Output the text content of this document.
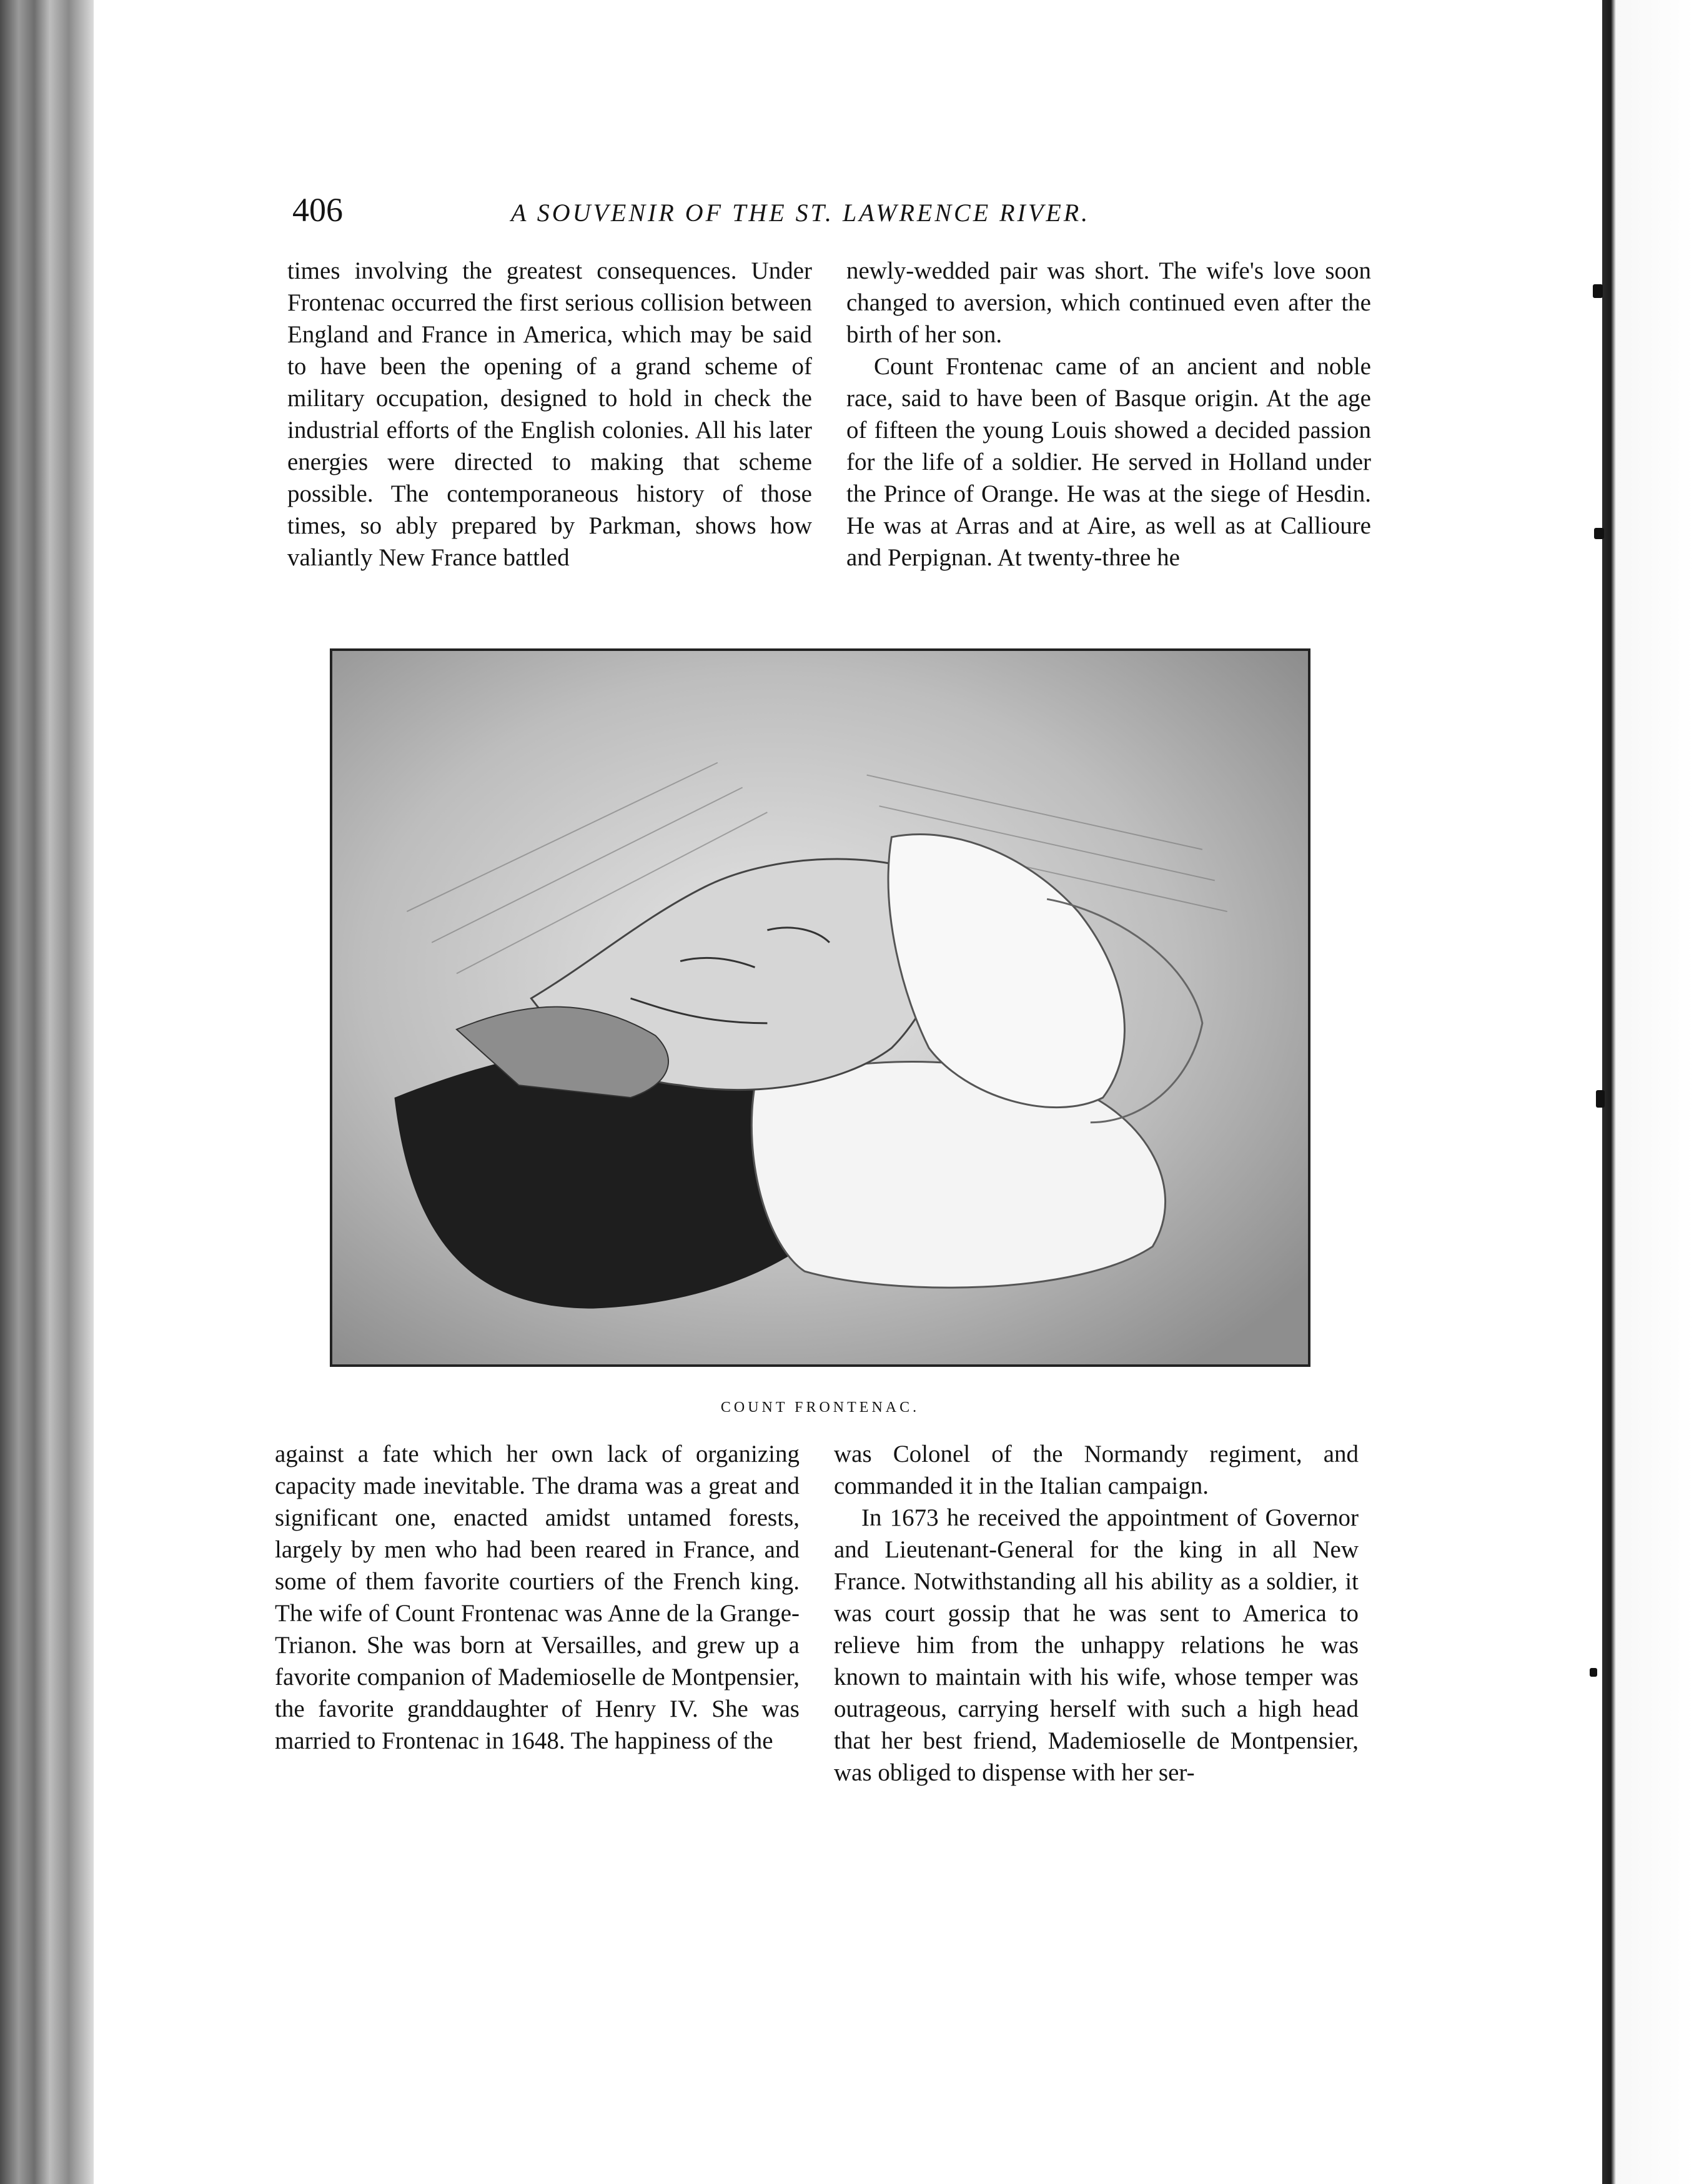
406	A SOUVENIR OF THE ST. LAWRENCE RIVER.

times involving the greatest consequences. Under Frontenac occurred the first serious collision between England and France in America, which may be said to have been the opening of a grand scheme of military occupation, designed to hold in check the industrial efforts of the English colonies. All his later energies were directed to making that scheme possible. The contemporaneous history of those times, so ably prepared by Parkman, shows how valiantly New France battled

newly-wedded pair was short. The wife's love soon changed to aversion, which continued even after the birth of her son.

Count Frontenac came of an ancient and noble race, said to have been of Basque origin. At the age of fifteen the young Louis showed a decided passion for the life of a soldier. He served in Holland under the Prince of Orange. He was at the siege of Hesdin. He was at Arras and at Aire, as well as at Callioure and Perpignan. At twenty-three he

COUNT FRONTENAC.

against a fate which her own lack of organizing capacity made inevitable. The drama was a great and significant one, enacted amidst untamed forests, largely by men who had been reared in France, and some of them favorite courtiers of the French king. The wife of Count Frontenac was Anne de la Grange-Trianon. She was born at Versailles, and grew up a favorite companion of Mademioselle de Montpensier, the favorite granddaughter of Henry IV. She was married to Frontenac in 1648. The happiness of the

was Colonel of the Normandy regiment, and commanded it in the Italian campaign.

In 1673 he received the appointment of Governor and Lieutenant-General for the king in all New France. Notwithstanding all his ability as a soldier, it was court gossip that he was sent to America to relieve him from the unhappy relations he was known to maintain with his wife, whose temper was outrageous, carrying herself with such a high head that her best friend, Mademioselle de Montpensier, was obliged to dispense with her ser-
